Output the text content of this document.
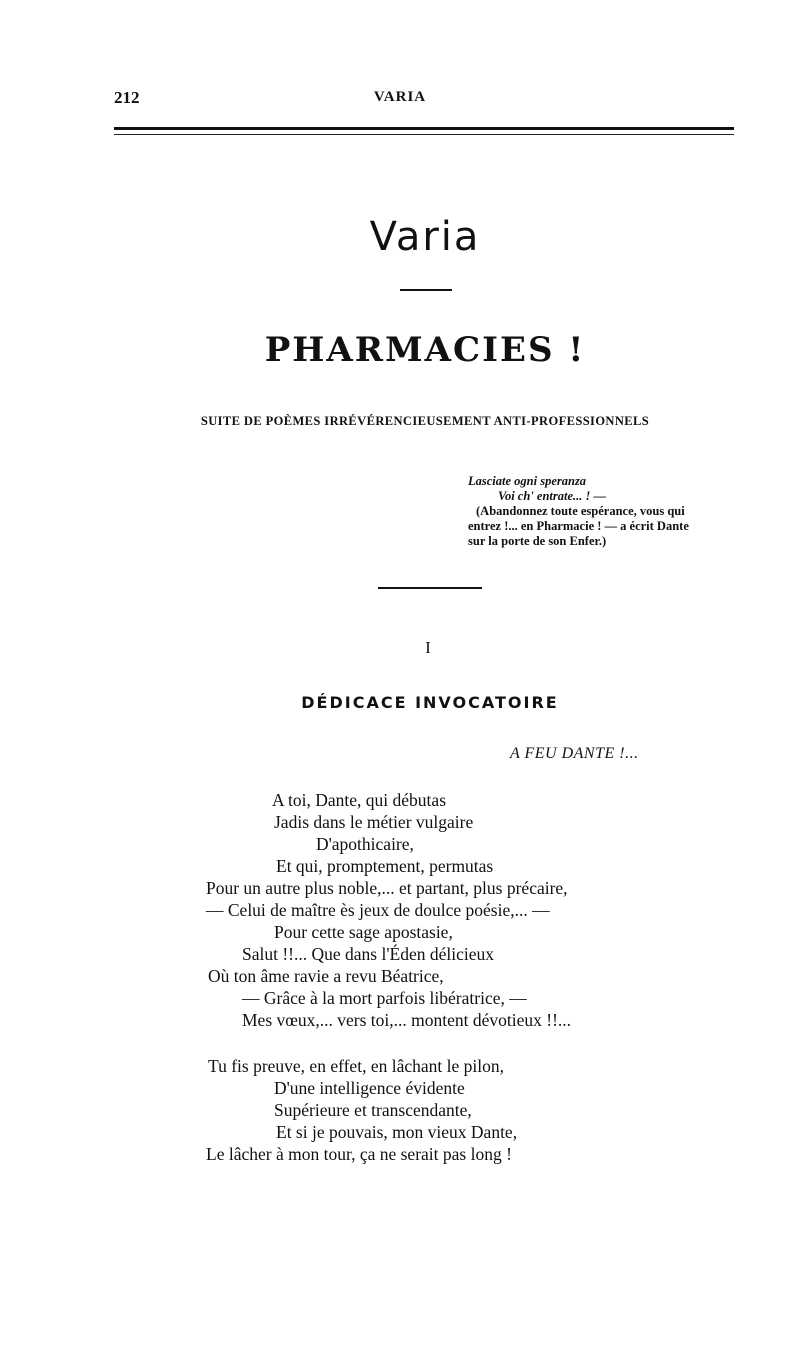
212	VARIA
Varia
PHARMACIES !
SUITE DE POÈMES IRRÉVÉRENCIEUSEMENT ANTI-PROFESSIONNELS
Lasciate ogni speranza
Voi ch' entrate... ! —
(Abandonnez toute espérance, vous qui
entrez !... en Pharmacie ! — a écrit Dante
sur la porte de son Enfer.)
I
DÉDICACE INVOCATOIRE
A FEU DANTE !...
A toi, Dante, qui débutas
Jadis dans le métier vulgaire
D'apothicaire,
Et qui, promptement, permutas
Pour un autre plus noble,... et partant, plus précaire,
— Celui de maître ès jeux de doulce poésie,... —
Pour cette sage apostasie,
Salut !!... Que dans l'Éden délicieux
Où ton âme ravie a revu Béatrice,
— Grâce à la mort parfois libératrice, —
Mes vœux,... vers toi,... montent dévotieux !!...
Tu fis preuve, en effet, en lâchant le pilon,
D'une intelligence évidente
Supérieure et transcendante,
Et si je pouvais, mon vieux Dante,
Le lâcher à mon tour, ça ne serait pas long !
